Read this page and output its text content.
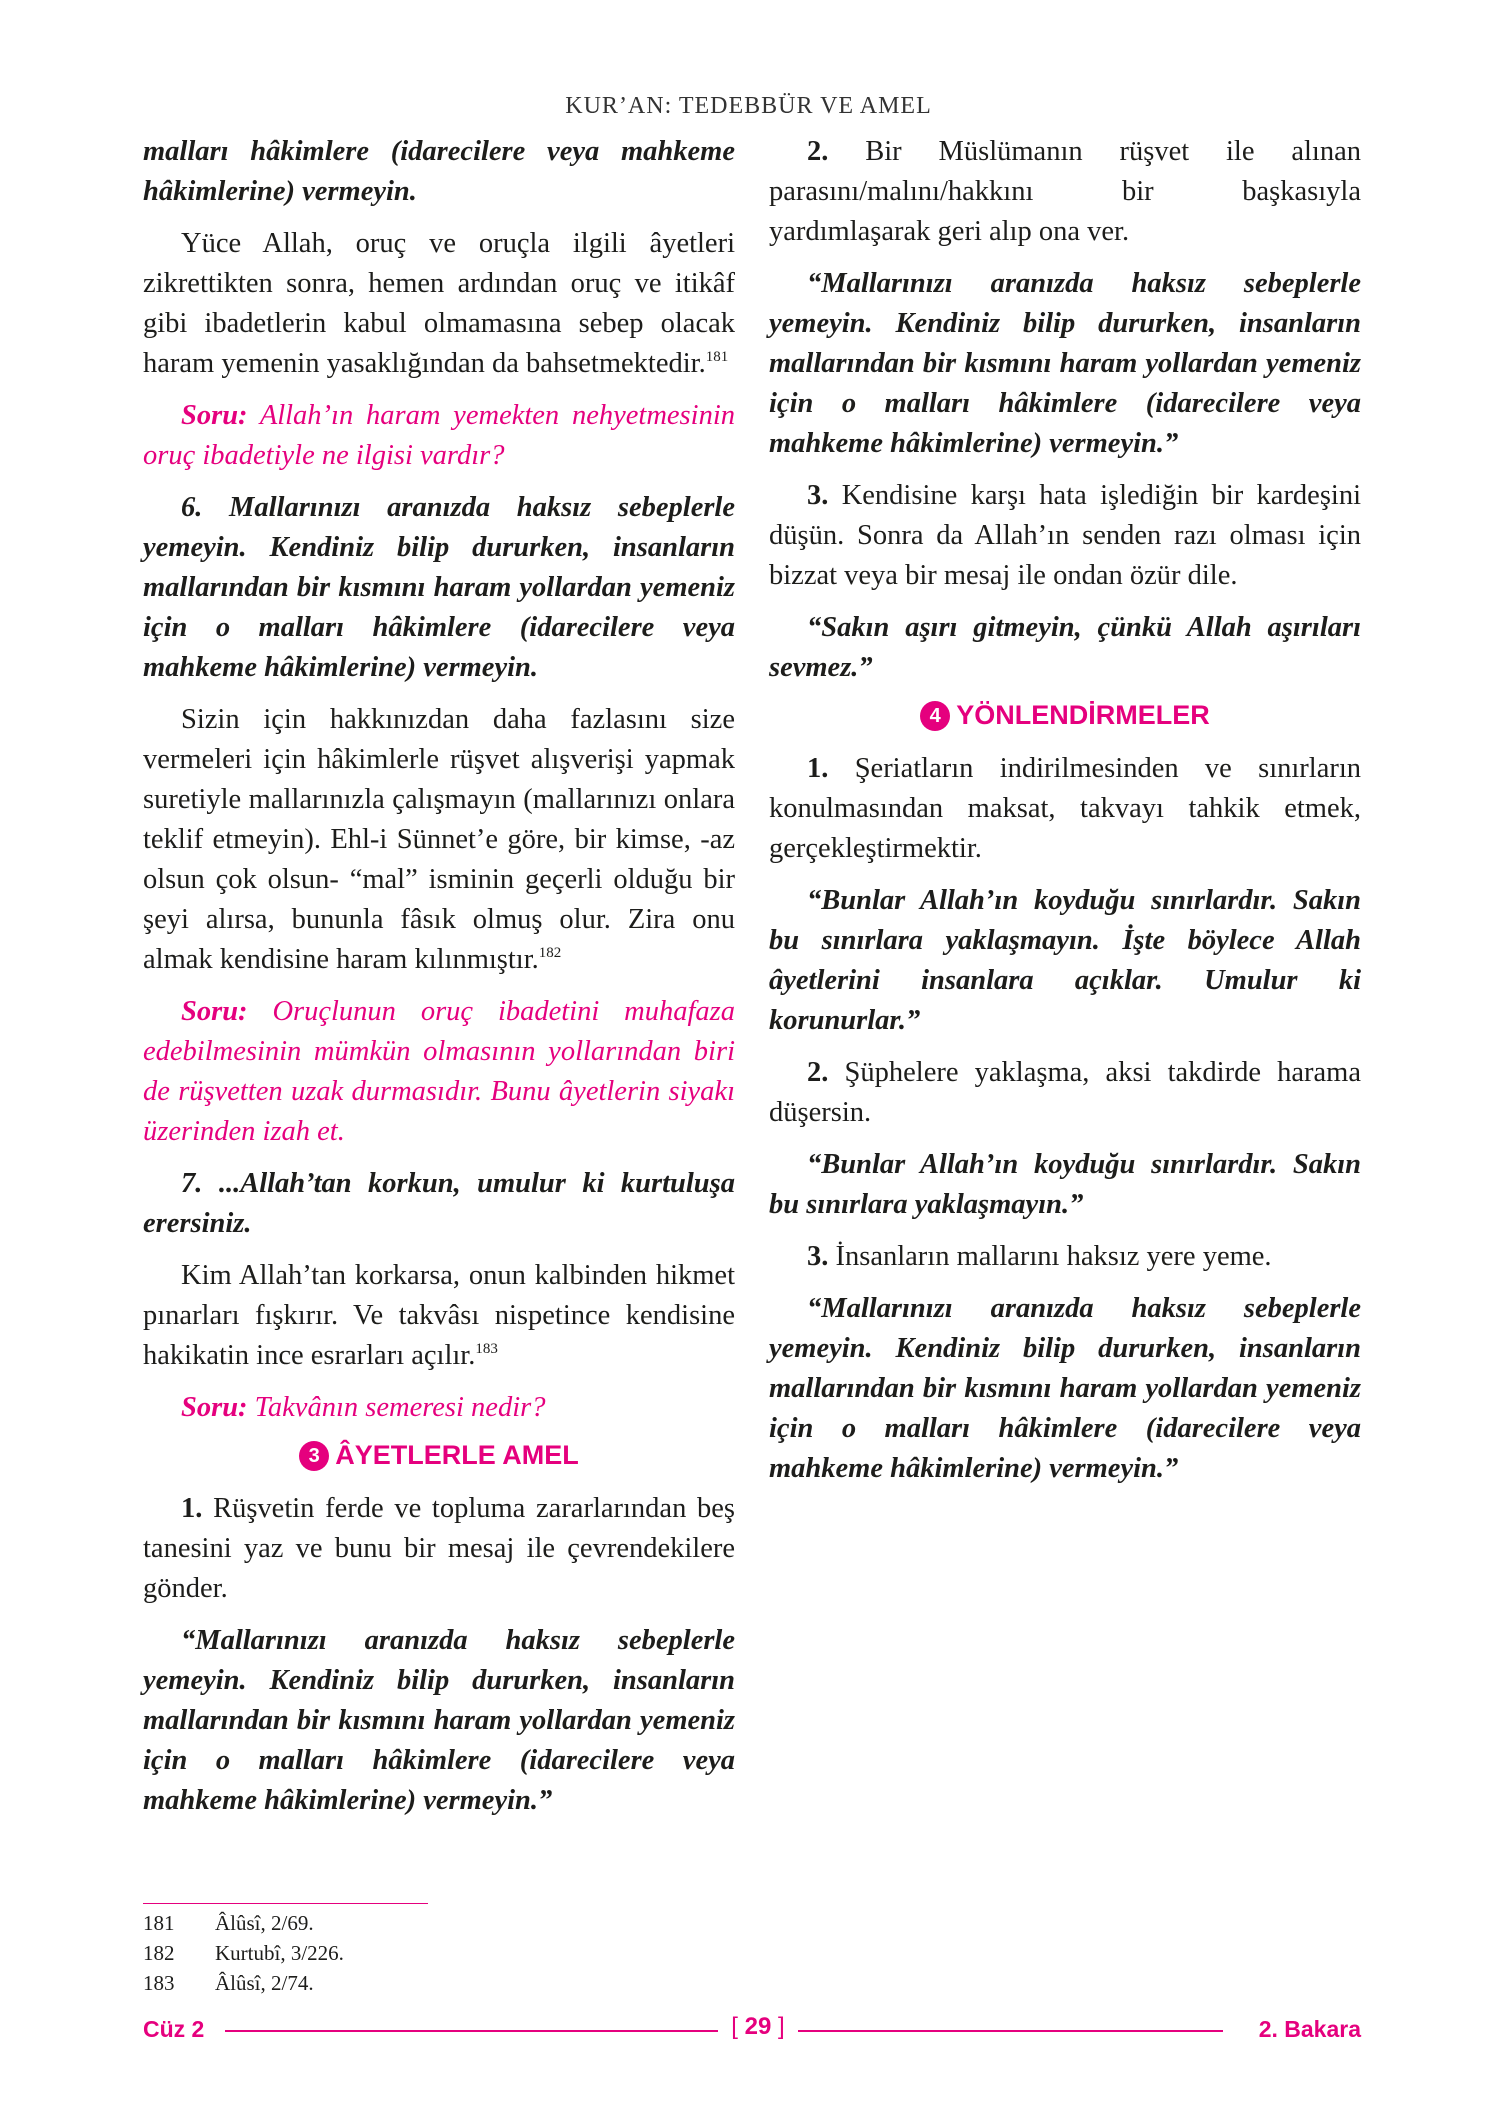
KUR’AN: TEDEBBÜR VE AMEL

malları hâkimlere (idarecilere veya mahkeme hâkimlerine) vermeyin.

Yüce Allah, oruç ve oruçla ilgili âyetleri zikrettikten sonra, hemen ardından oruç ve itikâf gibi ibadetlerin kabul olmamasına sebep olacak haram yemenin yasaklığından da bahsetmektedir.$^{181}$

Soru: Allah’ın haram yemekten nehyetmesinin oruç ibadetiyle ne ilgisi vardır?

6. Mallarınızı aranızda haksız sebeplerle yemeyin. Kendiniz bilip dururken, insanların mallarından bir kısmını haram yollardan yemeniz için o malları hâkimlere (idarecilere veya mahkeme hâkimlerine) vermeyin.

Sizin için hakkınızdan daha fazlasını size vermeleri için hâkimlerle rüşvet alışverişi yapmak suretiyle mallarınızla çalışmayın (mallarınızı onlara teklif etmeyin). Ehl-i Sünnet’e göre, bir kimse, -az olsun çok olsun- “mal” isminin geçerli olduğu bir şeyi alırsa, bununla fâsık olmuş olur. Zira onu almak kendisine haram kılınmıştır.$^{182}$

Soru: Oruçlunun oruç ibadetini muhafaza edebilmesinin mümkün olmasının yollarından biri de rüşvetten uzak durmasıdır. Bunu âyetlerin siyakı üzerinden izah et.

7. ...Allah’tan korkun, umulur ki kurtuluşa erersiniz.

Kim Allah’tan korkarsa, onun kalbinden hikmet pınarları fışkırır. Ve takvâsı nispetince kendisine hakikatin ince esrarları açılır.$^{183}$

Soru: Takvânın semeresi nedir?

3 ÂYETLERLE AMEL

1. Rüşvetin ferde ve topluma zararlarından beş tanesini yaz ve bunu bir mesaj ile çevrendekilere gönder.

“Mallarınızı aranızda haksız sebeplerle yemeyin. Kendiniz bilip dururken, insanların mallarından bir kısmını haram yollardan yemeniz için o malları hâkimlere (idarecilere veya mahkeme hâkimlerine) vermeyin.”

2. Bir Müslümanın rüşvet ile alınan parasını/malını/hakkını bir başkasıyla yardımlaşarak geri alıp ona ver.

“Mallarınızı aranızda haksız sebeplerle yemeyin. Kendiniz bilip dururken, insanların mallarından bir kısmını haram yollardan yemeniz için o malları hâkimlere (idarecilere veya mahkeme hâkimlerine) vermeyin.”

3. Kendisine karşı hata işlediğin bir kardeşini düşün. Sonra da Allah’ın senden razı olması için bizzat veya bir mesaj ile ondan özür dile.

“Sakın aşırı gitmeyin, çünkü Allah aşırıları sevmez.”

4 YÖNLENDİRMELER

1. Şeriatların indirilmesinden ve sınırların konulmasından maksat, takvayı tahkik etmek, gerçekleştirmektir.

“Bunlar Allah’ın koyduğu sınırlardır. Sakın bu sınırlara yaklaşmayın. İşte böylece Allah âyetlerini insanlara açıklar. Umulur ki korunurlar.”

2. Şüphelere yaklaşma, aksi takdirde harama düşersin.

“Bunlar Allah’ın koyduğu sınırlardır. Sakın bu sınırlara yaklaşmayın.”

3. İnsanların mallarını haksız yere yeme.

“Mallarınızı aranızda haksız sebeplerle yemeyin. Kendiniz bilip dururken, insanların mallarından bir kısmını haram yollardan yemeniz için o malları hâkimlere (idarecilere veya mahkeme hâkimlerine) vermeyin.”

181	Âlûsî, 2/69.
182	Kurtubî, 3/226.
183	Âlûsî, 2/74.
Cüz 2	[ 29 ]	2. Bakara
